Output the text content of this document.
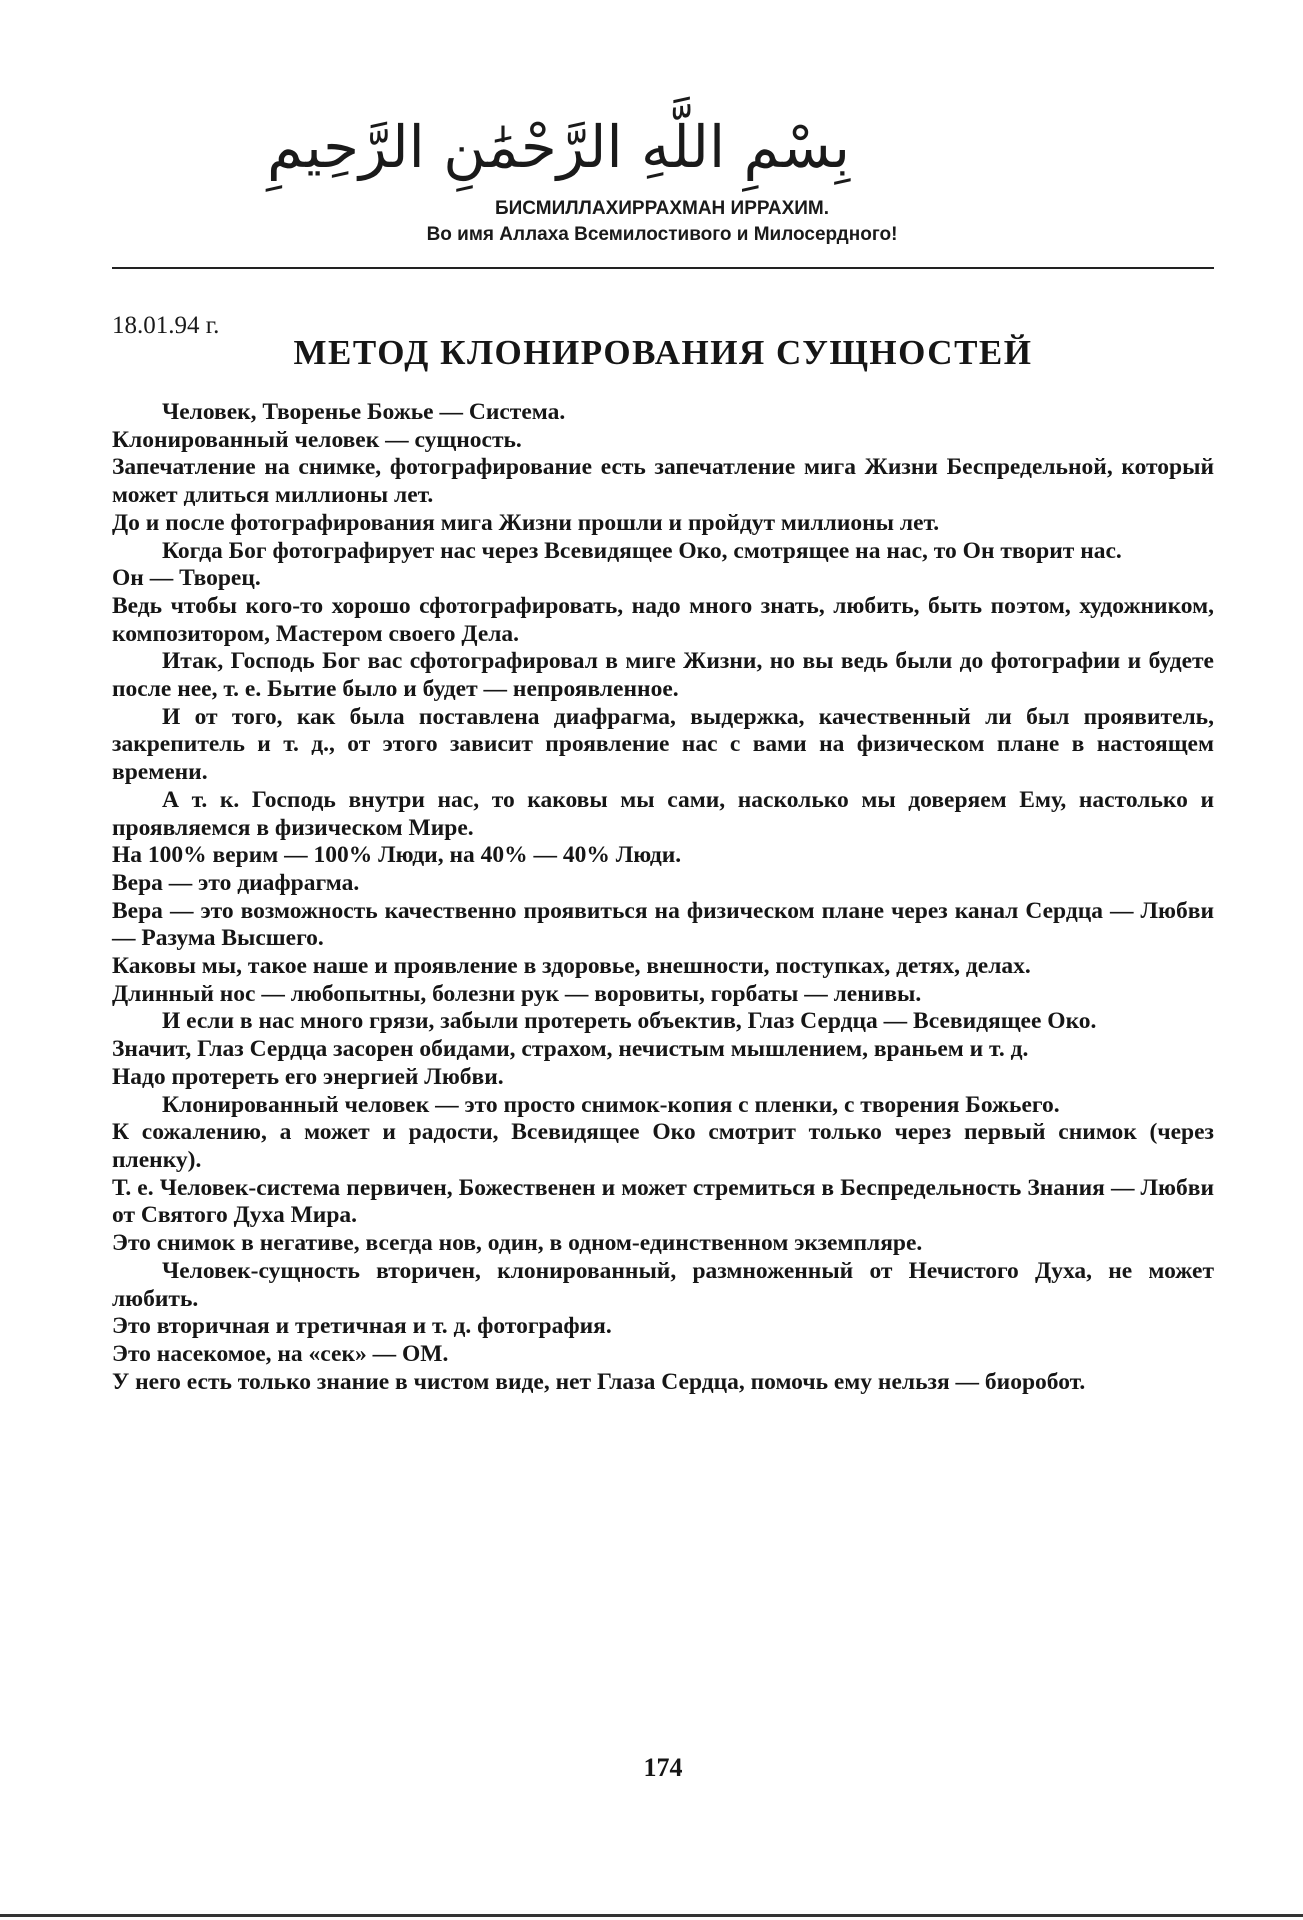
بِسْمِ اللَّهِ الرَّحْمَٰنِ الرَّحِيمِ
БИСМИЛЛАХИРРАХМАН ИРРАХИМ.
Во имя Аллаха Всемилостивого и Милосердного!
18.01.94 г.
МЕТОД КЛОНИРОВАНИЯ СУЩНОСТЕЙ

Человек, Творенье Божье — Система.

Клонированный человек — сущность.

Запечатление на снимке, фотографирование есть запечатление мига Жизни Беспредельной, который может длиться миллионы лет.

До и после фотографирования мига Жизни прошли и пройдут миллионы лет.

Когда Бог фотографирует нас через Всевидящее Око, смотрящее на нас, то Он творит нас.

Он — Творец.

Ведь чтобы кого-то хорошо сфотографировать, надо много знать, любить, быть поэтом, художником, композитором, Мастером своего Дела.

Итак, Господь Бог вас сфотографировал в миге Жизни, но вы ведь были до фотографии и будете после нее, т. е. Бытие было и будет — непроявленное.

И от того, как была поставлена диафрагма, выдержка, качественный ли был проявитель, закрепитель и т. д., от этого зависит проявление нас с вами на физическом плане в настоящем времени.

А т. к. Господь внутри нас, то каковы мы сами, насколько мы доверяем Ему, настолько и проявляемся в физическом Мире.

На 100% верим — 100% Люди, на 40% — 40% Люди.

Вера — это диафрагма.

Вера — это возможность качественно проявиться на физическом плане через канал Сердца — Любви — Разума Высшего.

Каковы мы, такое наше и проявление в здоровье, внешности, поступках, детях, делах.

Длинный нос — любопытны, болезни рук — воровиты, горбаты — ленивы.

И если в нас много грязи, забыли протереть объектив, Глаз Сердца — Всевидящее Око.

Значит, Глаз Сердца засорен обидами, страхом, нечистым мышлением, враньем и т. д.

Надо протереть его энергией Любви.

Клонированный человек — это просто снимок-копия с пленки, с творения Божьего.

К сожалению, а может и радости, Всевидящее Око смотрит только через первый снимок (через пленку).

Т. е. Человек-система первичен, Божественен и может стремиться в Беспредельность Знания — Любви от Святого Духа Мира.

Это снимок в негативе, всегда нов, один, в одном-единственном экземпляре.

Человек-сущность вторичен, клонированный, размноженный от Нечистого Духа, не может любить.

Это вторичная и третичная и т. д. фотография.

Это насекомое, на «сек» — ОМ.

У него есть только знание в чистом виде, нет Глаза Сердца, помочь ему нельзя — биоробот.

174
